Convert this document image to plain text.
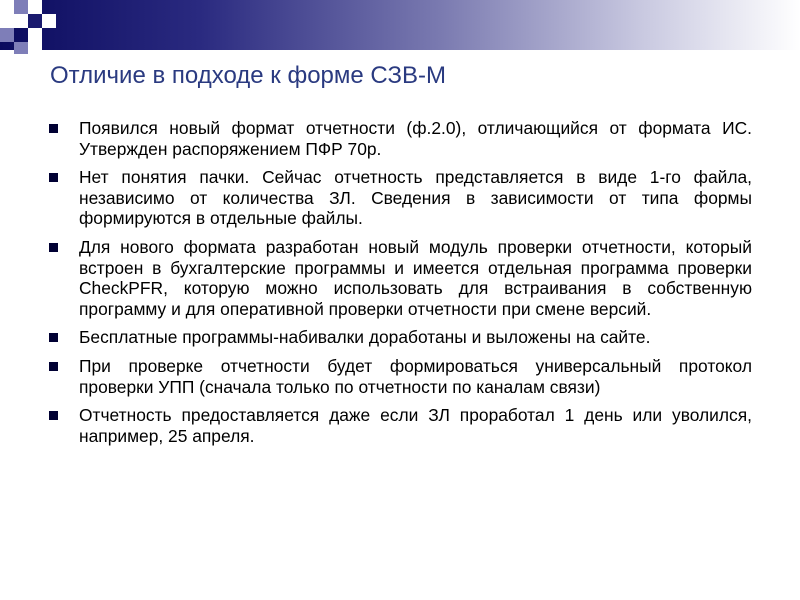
Отличие в подходе к форме СЗВ-М
Появился новый формат отчетности (ф.2.0), отличающийся от формата ИС. Утвержден распоряжением ПФР 70р.
Нет понятия пачки. Сейчас отчетность представляется в виде 1-го файла, независимо от количества ЗЛ. Сведения в зависимости от типа формы формируются в отдельные файлы.
Для нового формата разработан новый модуль проверки отчетности, который встроен в бухгалтерские программы и имеется отдельная программа проверки CheckPFR, которую можно использовать для встраивания в собственную программу и для оперативной проверки отчетности при смене версий.
Бесплатные программы-набивалки доработаны и выложены на сайте.
При проверке отчетности будет формироваться универсальный протокол проверки УПП (сначала только по отчетности по каналам связи)
Отчетность предоставляется даже если ЗЛ проработал 1 день или уволился, например, 25 апреля.
